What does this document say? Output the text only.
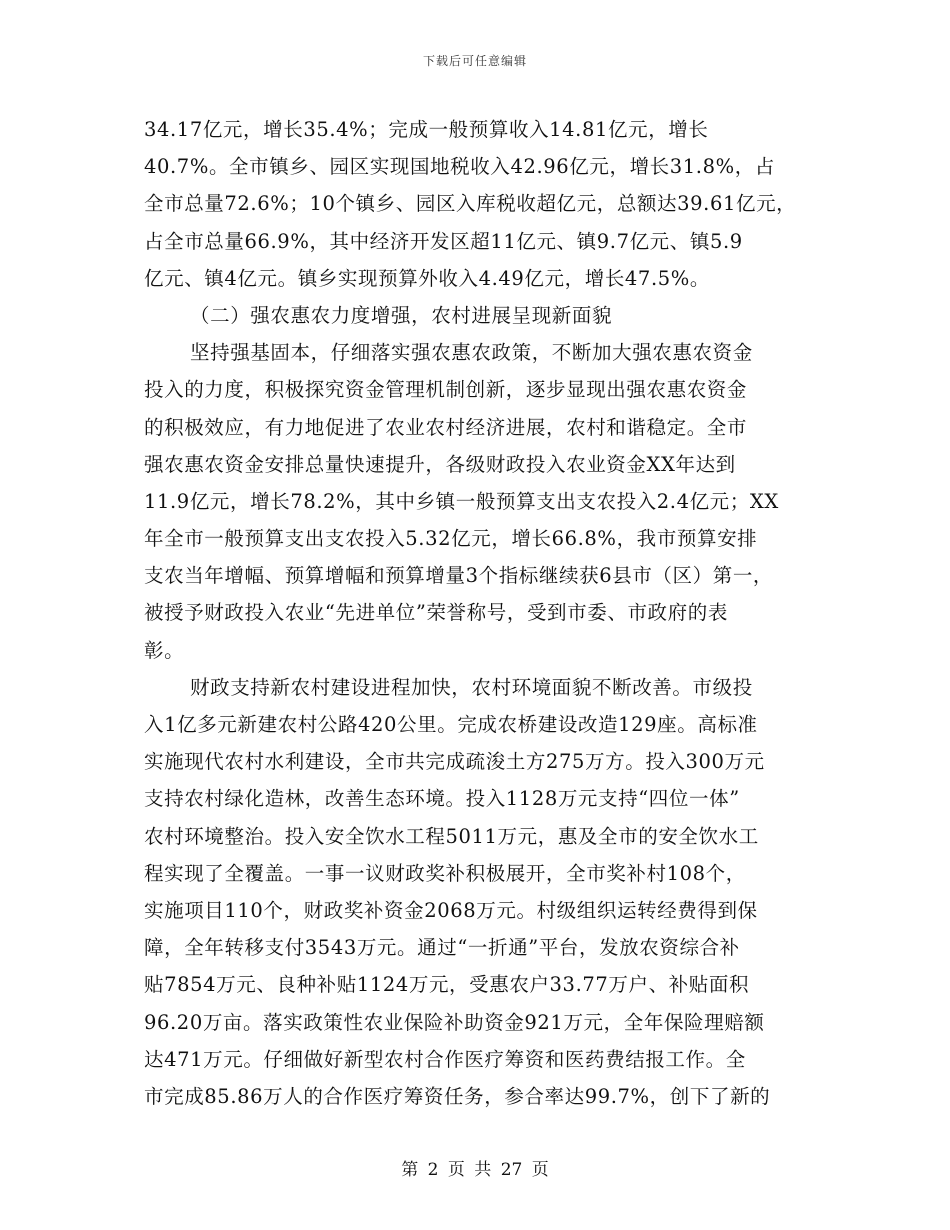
下载后可任意编辑
34.17亿元，增长35.4%；完成一般预算收入14.81亿元，增长
40.7%。全市镇乡、园区实现国地税收入42.96亿元，增长31.8%，占
全市总量72.6%；10个镇乡、园区入库税收超亿元，总额达39.61亿元，
占全市总量66.9%，其中经济开发区超11亿元、镇9.7亿元、镇5.9
亿元、镇4亿元。镇乡实现预算外收入4.49亿元，增长47.5%。
（二）强农惠农力度增强，农村进展呈现新面貌
坚持强基固本，仔细落实强农惠农政策，不断加大强农惠农资金
投入的力度，积极探究资金管理机制创新，逐步显现出强农惠农资金
的积极效应，有力地促进了农业农村经济进展，农村和谐稳定。全市
强农惠农资金安排总量快速提升，各级财政投入农业资金XX年达到
11.9亿元，增长78.2%，其中乡镇一般预算支出支农投入2.4亿元；XX
年全市一般预算支出支农投入5.32亿元，增长66.8%，我市预算安排
支农当年增幅、预算增幅和预算增量3个指标继续获6县市（区）第一，
被授予财政投入农业“先进单位”荣誉称号，受到市委、市政府的表
彰。
财政支持新农村建设进程加快，农村环境面貌不断改善。市级投
入1亿多元新建农村公路420公里。完成农桥建设改造129座。高标准
实施现代农村水利建设，全市共完成疏浚土方275万方。投入300万元
支持农村绿化造林，改善生态环境。投入1128万元支持“四位一体”
农村环境整治。投入安全饮水工程5011万元，惠及全市的安全饮水工
程实现了全覆盖。一事一议财政奖补积极展开，全市奖补村108个，
实施项目110个，财政奖补资金2068万元。村级组织运转经费得到保
障，全年转移支付3543万元。通过“一折通”平台，发放农资综合补
贴7854万元、良种补贴1124万元，受惠农户33.77万户、补贴面积
96.20万亩。落实政策性农业保险补助资金921万元，全年保险理赔额
达471万元。仔细做好新型农村合作医疗筹资和医药费结报工作。全
市完成85.86万人的合作医疗筹资任务，参合率达99.7%，创下了新的
第 2 页 共 27 页
